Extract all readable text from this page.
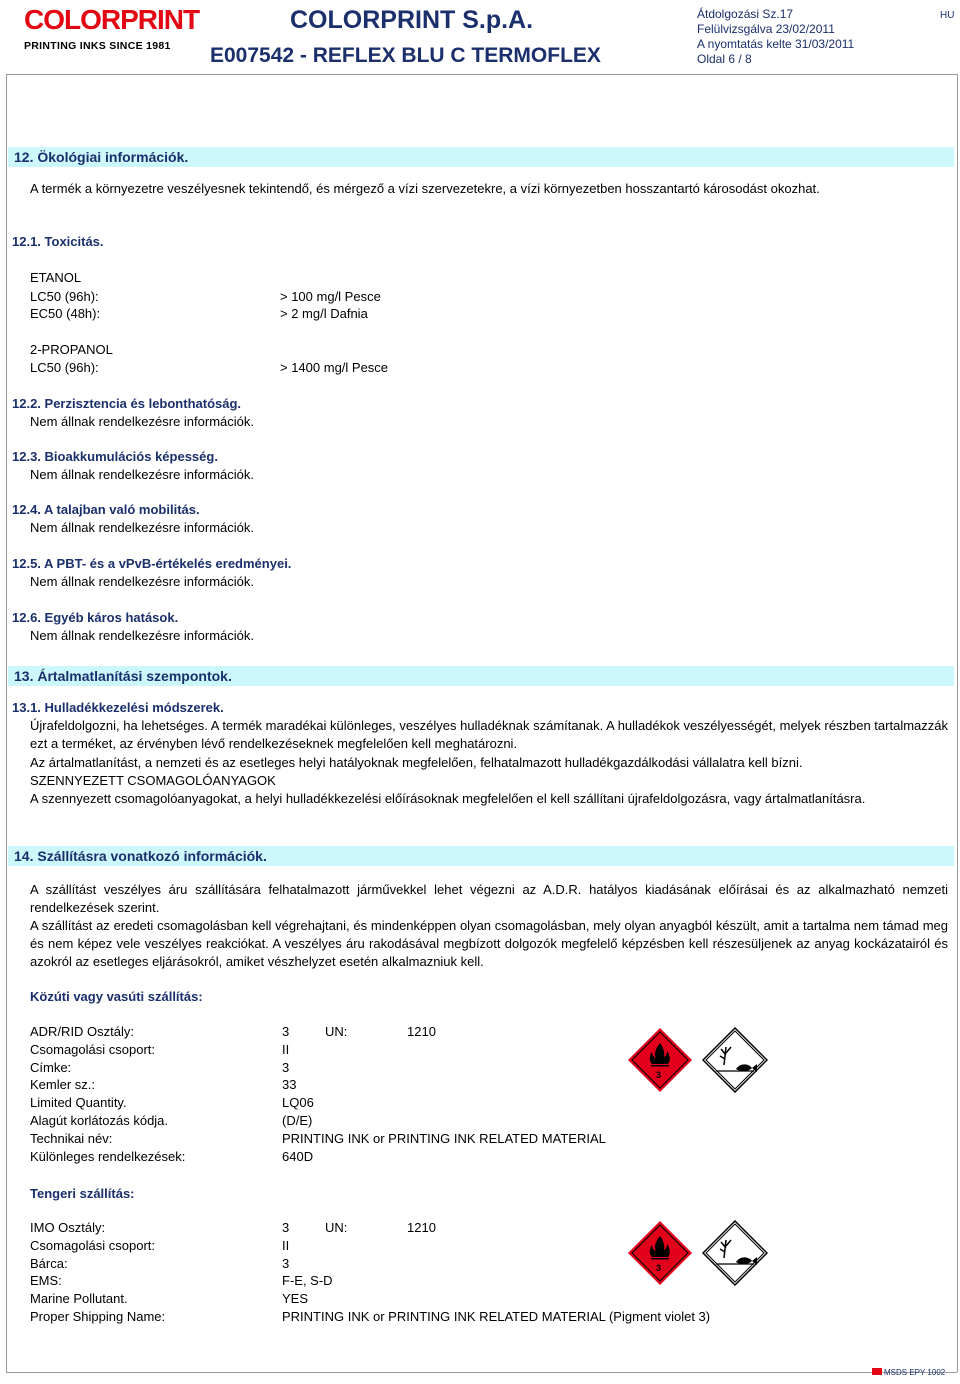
COLORPRINT
PRINTING INKS SINCE 1981
COLORPRINT S.p.A.
E007542 - REFLEX BLU C TERMOFLEX
Átdolgozási Sz.17
Felülvizsgálva 23/02/2011
A nyomtatás kelte 31/03/2011
Oldal 6 / 8
HU
12. Ökológiai információk.
A termék a környezetre veszélyesnek tekintendő, és mérgező a vízi szervezetekre, a vízi környezetben hosszantartó károsodást okozhat.
12.1. Toxicitás.
ETANOL
LC50 (96h):	> 100 mg/l Pesce
EC50 (48h):	> 2 mg/l Dafnia
2-PROPANOL
LC50 (96h):	> 1400 mg/l Pesce
12.2. Perzisztencia és lebonthatóság.
Nem állnak rendelkezésre információk.
12.3. Bioakkumulációs képesség.
Nem állnak rendelkezésre információk.
12.4. A talajban való mobilitás.
Nem állnak rendelkezésre információk.
12.5. A PBT- és a vPvB-értékelés eredményei.
Nem állnak rendelkezésre információk.
12.6. Egyéb káros hatások.
Nem állnak rendelkezésre információk.
13. Ártalmatlanítási szempontok.
13.1. Hulladékkezelési módszerek.
Újrafeldolgozni, ha lehetséges. A termék maradékai különleges, veszélyes hulladéknak számítanak. A hulladékok veszélyességét, melyek részben tartalmazzák ezt a terméket, az érvényben lévő rendelkezéseknek megfelelően kell meghatározni.
Az ártalmatlanítást, a nemzeti és az esetleges helyi hatályoknak megfelelően, felhatalmazott hulladékgazdálkodási vállalatra kell bízni.
SZENNYEZETT CSOMAGOLÓANYAGOK
A szennyezett csomagolóanyagokat, a helyi hulladékkezelési előírásoknak megfelelően el kell szállítani újrafeldolgozásra, vagy ártalmatlanításra.
14. Szállításra vonatkozó információk.
A szállítást veszélyes áru szállítására felhatalmazott járművekkel lehet végezni az A.D.R. hatályos kiadásának előírásai és az alkalmazható nemzeti rendelkezések szerint.
A szállítást az eredeti csomagolásban kell végrehajtani, és mindenképpen olyan csomagolásban, mely olyan anyagból készült, amit a tartalma nem támad meg és nem képez vele veszélyes reakciókat. A veszélyes áru rakodásával megbízott dolgozók megfelelő képzésben kell részesüljenek az anyag kockázatairól és azokról az esetleges eljárásokról, amiket vészhelyzet esetén alkalmazniuk kell.
Közúti vagy vasúti szállítás:
ADR/RID Osztály:	3	UN:	1210
Csomagolási csoport:	II
Címke:	3
Kemler sz.:	33
Limited Quantity.	LQ06
Alagút korlátozás kódja.	(D/E)
Technikai név:	PRINTING INK or PRINTING INK RELATED MATERIAL
Különleges rendelkezések:	640D
3
Tengeri szállítás:
IMO Osztály:	3	UN:	1210
Csomagolási csoport:	II
Bárca:	3
EMS:	F-E, S-D
Marine Pollutant.	YES
Proper Shipping Name:	PRINTING INK or PRINTING INK RELATED MATERIAL (Pigment violet 3)
3
MSDS EPY 1002
